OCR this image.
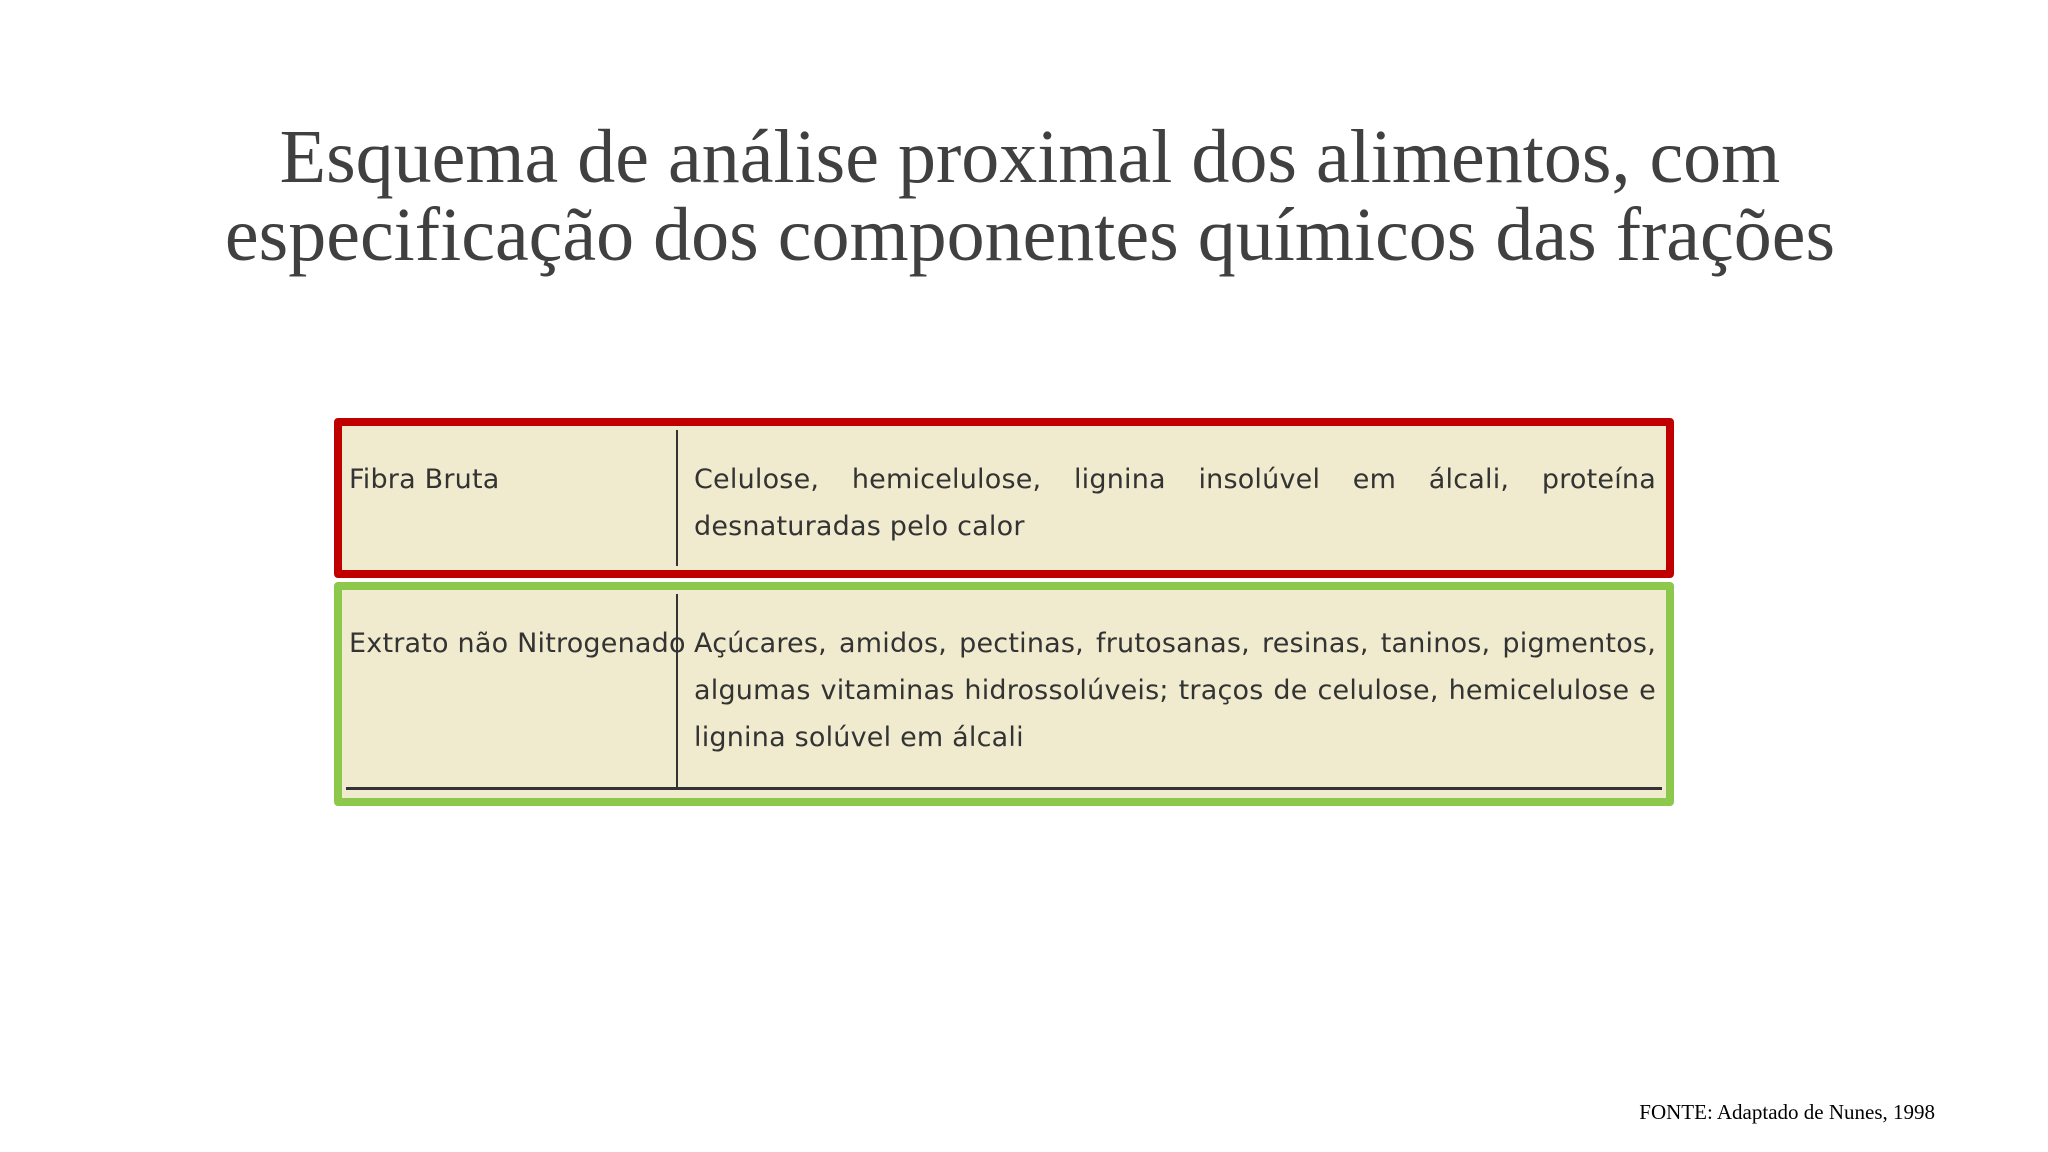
Esquema de análise proximal dos alimentos, com
especificação dos componentes químicos das frações
Fibra Bruta	Celulose, hemicelulose, lignina insolúvel em álcali, proteína desnaturadas pelo calor
Extrato não Nitrogenado Açúcares, amidos, pectinas, frutosanas, resinas, taninos, pigmentos, algumas vitaminas hidrossolúveis; traços de celulose, hemicelulose e lignina solúvel em álcali
FONTE: Adaptado de Nunes, 1998
